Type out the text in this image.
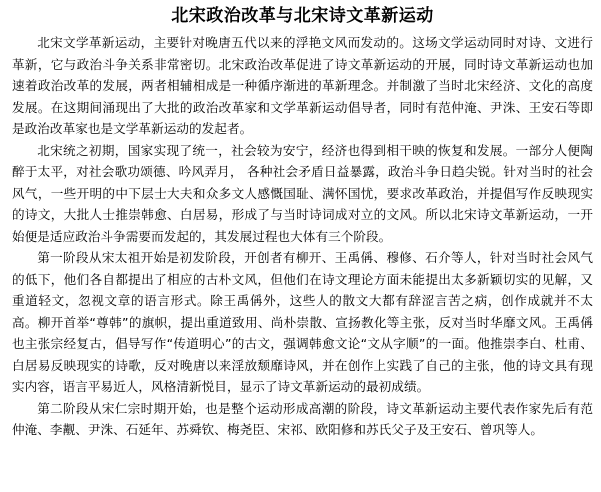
北宋政治改革与北宋诗文革新运动

北宋文学革新运动，主要针对晚唐五代以来的浮艳文风而发动的。这场文学运动同时对诗、文进行革新，它与政治斗争关系非常密切。北宋政治改革促进了诗文革新运动的开展，同时诗文革新运动也加速着政治改革的发展，两者相辅相成是一种循序渐进的革新理念。并制激了当时北宋经济、文化的高度发展。在这期间涌现出了大批的政治改革家和文学革新运动倡导者，同时有范仲淹、尹洙、王安石等即是政治改革家也是文学革新运动的发起者。

北宋统之初期，国家实现了统一，社会较为安宁，经济也得到相干映的恢复和发展。一部分人便陶醉于太平，对社会歌功颂德、吟风弄月， 各种社会矛盾日益暴露，政治斗争日趋尖锐。针对当时的社会风气，一些开明的中下层士大夫和众多文人感慨国耻、满怀国忧，要求改革政治，并提倡写作反映现实的诗文，大批人士推崇韩愈、白居易，形成了与当时诗词成对立的文风。所以北宋诗文革新运动，一开始便是适应政治斗争需要而发起的，其发展过程也大体有三个阶段。

第一阶段从宋太祖开始是初发阶段，开创者有柳开、王禹偁、穆修、石介等人，针对当时社会风气的低下，他们各自都提出了相应的古朴文风，但他们在诗文理论方面未能提出太多新颖切实的见解，又重道轻文，忽视文章的语言形式。除王禹偁外，这些人的散文大都有辞涩言苦之病，创作成就并不太高。柳开首举“尊韩”的旗帜，提出重道致用、尚朴崇散、宣扬教化等主张，反对当时华靡文风。王禹偁也主张宗经复古，倡导写作“传道明心”的古文，强调韩愈文论“文从字顺”的一面。他推崇李白、杜甫、白居易反映现实的诗歌，反对晚唐以来淫放颓靡诗风，并在创作上实践了自己的主张，他的诗文具有现实内容，语言平易近人，风格清新悦目，显示了诗文革新运动的最初成绩。

第二阶段从宋仁宗时期开始，也是整个运动形成高潮的阶段，诗文革新运动主要代表作家先后有范仲淹、李觏、尹洙、石延年、苏舜钦、梅尧臣、宋祁、欧阳修和苏氏父子及王安石、曾巩等人。
